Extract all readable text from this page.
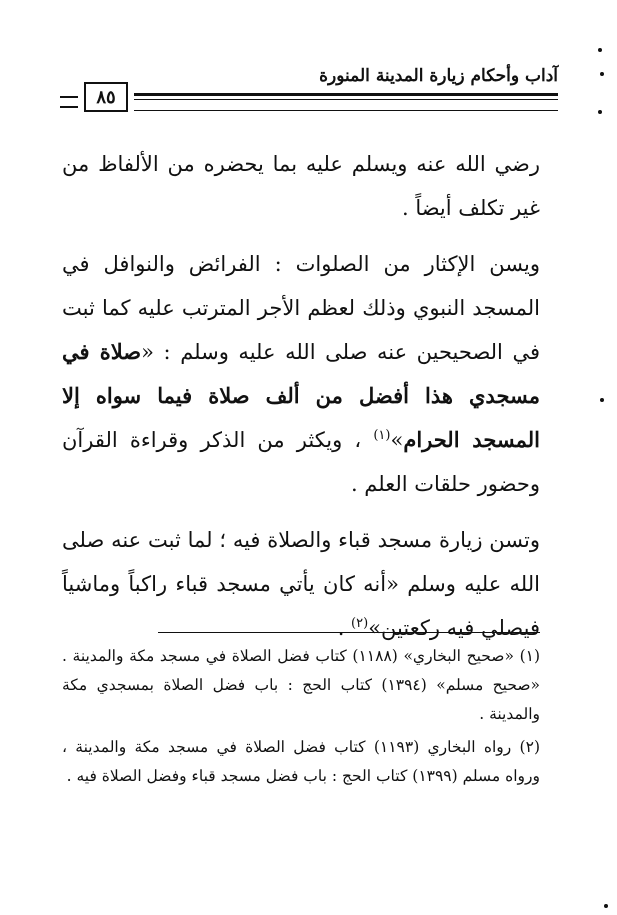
آداب وأحكام زيارة المدينة المنورة
٨٥

رضي الله عنه ويسلم عليه بما يحضره من الألفاظ من غير تكلف أيضاً .

ويسن الإكثار من الصلوات : الفرائض والنوافل في المسجد النبوي وذلك لعظم الأجر المترتب عليه كما ثبت في الصحيحين عنه صلى الله عليه وسلم : «صلاة في مسجدي هذا أفضل من ألف صلاة فيما سواه إلا المسجد الحرام»$^{(١)}$ ، ويكثر من الذكر وقراءة القرآن وحضور حلقات العلم .

وتسن زيارة مسجد قباء والصلاة فيه ؛ لما ثبت عنه صلى الله عليه وسلم «أنه كان يأتي مسجد قباء راكباً وماشياً فيصلي فيه ركعتين»$^{(٢)}$ .

(١) «صحيح البخاري» (١١٨٨) كتاب فضل الصلاة في مسجد مكة والمدينة . «صحيح مسلم» (١٣٩٤) كتاب الحج : باب فضل الصلاة بمسجدي مكة والمدينة .

(٢) رواه البخاري (١١٩٣) كتاب فضل الصلاة في مسجد مكة والمدينة ، ورواه مسلم (١٣٩٩) كتاب الحج : باب فضل مسجد قباء وفضل الصلاة فيه .
